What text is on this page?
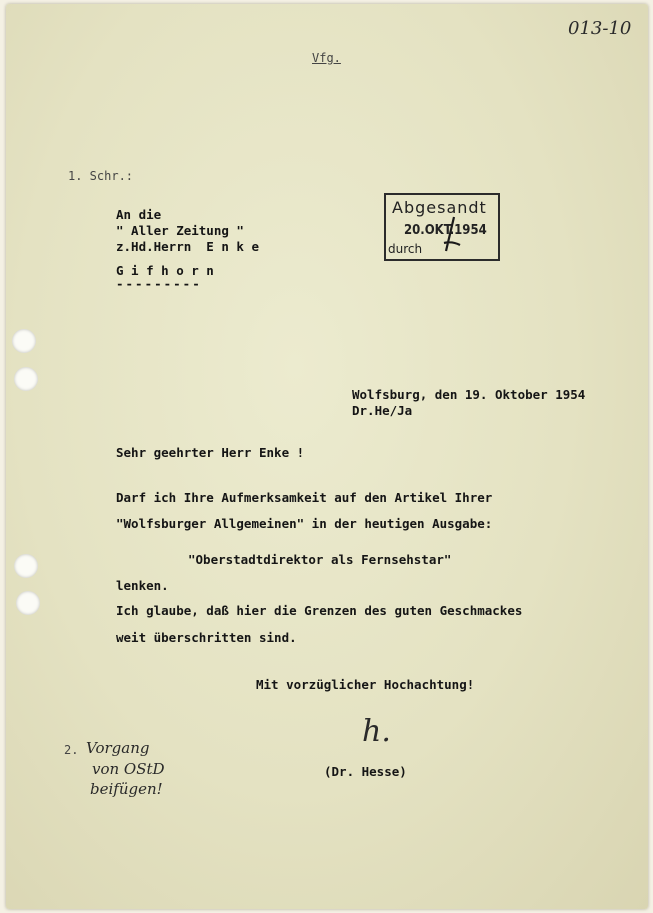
013-10
Vfg.
1. Schr.:
An die
" Aller Zeitung "
z.Hd.Herrn  E n k e
G i f h o r n
---------
Abgesandt
20.OKT.1954
durch
Wolfsburg, den 19. Oktober 1954
Dr.He/Ja
Sehr geehrter Herr Enke !
Darf ich Ihre Aufmerksamkeit auf den Artikel Ihrer
"Wolfsburger Allgemeinen" in der heutigen Ausgabe:
"Oberstadtdirektor als Fernsehstar"
lenken.
Ich glaube, daß hier die Grenzen des guten Geschmackes
weit überschritten sind.
Mit vorzüglicher Hochachtung!
h.
(Dr. Hesse)
2. Vorgang
von OStD
beifügen!
